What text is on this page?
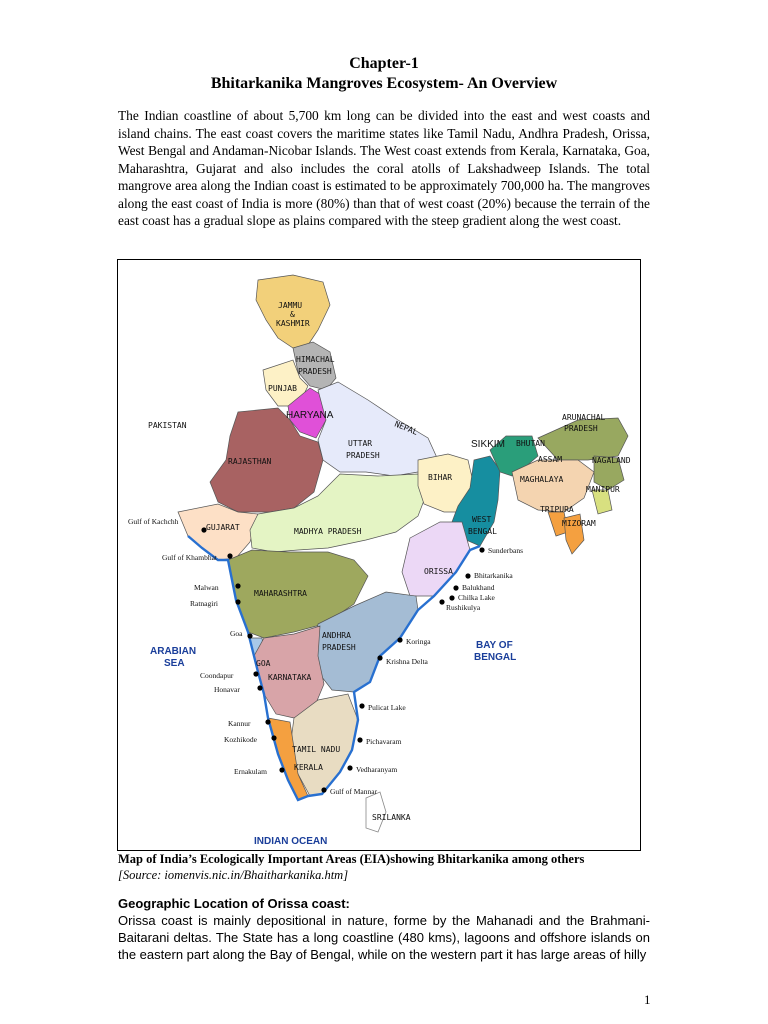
Chapter-1
Bhitarkanika Mangroves Ecosystem- An Overview
The Indian coastline of about 5,700 km long can be divided into the east and west coasts and island chains. The east coast covers the maritime states like Tamil Nadu, Andhra Pradesh, Orissa, West Bengal and Andaman-Nicobar Islands. The West coast extends from Kerala, Karnataka, Goa, Maharashtra, Gujarat and also includes the coral atolls of Lakshadweep Islands. The total mangrove area along the Indian coast is estimated to be approximately 700,000 ha. The mangroves along the east coast of India is more (80%) than that of west coast (20%) because the terrain of the east coast has a gradual slope as plains compared with the steep gradient along the west coast.
JAMMU
&
KASHMIR
HIMACHAL
PRADESH
PUNJAB
HARYANA
PAKISTAN	NEPAL
UTTAR
PRADESH
RAJASTHAN
SIKKIM BHUTAN
ARUNACHAL
PRADESH
ASSAM	NAGALAND
MAGHALAYA
MANIPUR
TRIPURA
MIZORAM
BIHAR
WEST
BENGAL
GUJARAT	MADHYA PRADESH
ORISSA
MAHARASHTRA
ANDHRA
PRADESH
GOA
KARNATAKA
TAMIL NADU
KERALA
SRILANKA
ARABIAN
SEA
BAY OF
BENGAL
INDIAN OCEAN
Gulf of Kachchh
Gulf of Khambhat
Malwan
Ratnagiri
Goa
Coondapur
Honavar
Kannur
Kozhikode
Ernakulam
Sunderbans
Bhitarkanika
Balukhand
Chilka Lake
Rushikulya
Koringa
Krishna Delta
Pulicat Lake
Pichavaram
Vedharanyam
Gulf of Mannar
Map of India’s Ecologically Important Areas (EIA)showing Bhitarkanika among others
[Source: iomenvis.nic.in/Bhaitharkanika.htm]
Geographic Location of Orissa coast:
Orissa coast is mainly depositional in nature, forme by the Mahanadi and the Brahmani-Baitarani deltas. The State has a long coastline (480 kms), lagoons and offshore islands on the eastern part along the Bay of Bengal, while on the western part it has large areas of hilly
1
